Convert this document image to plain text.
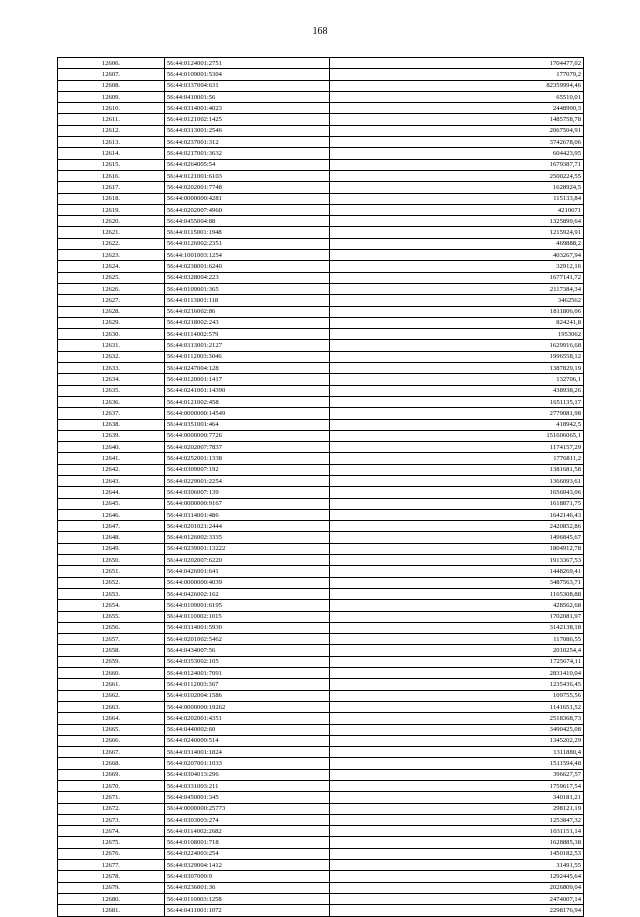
168
12606.	56:44:0124001:2751	1704477,02
12607.	56:44:0109001:5304	177079,2
12608.	56:44:0337004:631	82359994,46
12609.	56:44:0410001:56	65510,01
12610.	56:44:0314001:4023	2448990,3
12611.	56:44:0121002:1425	1485758,78
12612.	56:44:0313001:2546	2067504,91
12613.	56:44:0237001:312	3742678,06
12614.	56:44:0217001:3632	604423,95
12615.	56:44:0264005:54	1679387,71
12616.	56:44:0121001:6103	2500224,55
12617.	56:44:0202001:7748	1628924,5
12618.	56:44:0000000:4281	115133,84
12619.	56:44:0202007:4960	4210671
12620.	56:44:0455004:88	1325899,64
12621.	56:44:0115001:1948	1215924,91
12622.	56:44:0126002:2351	469888,2
12623.	56:44:1001003:1254	403267,94
12624.	56:44:0238001:6240	32912,16
12625.	56:44:0328004:223	1677141,72
12626.	56:44:0109001:365	2117384,34
12627.	56:44:0113001:118	3462562
12628.	56:44:0216002:86	1811806,06
12629.	56:44:0218002:243	824241,8
12630.	56:44:0114002:579	1953062
12631.	56:44:0313001:2127	1629916,68
12632.	56:44:0112003:3046	1996558,12
12633.	56:44:0247004:128	1387829,19
12634.	56:44:0120001:1417	132706,1
12635.	56:44:0241001:14390	438938,26
12636.	56:44:0121002:458	1651135,17
12637.	56:44:0000000:14549	2779081,98
12638.	56:44:0351001:464	418942,5
12639.	56:44:0000000:7726	151606065,1
12640.	56:44:0202007:7837	1174157,29
12641.	56:44:0252001:1338	1776811,2
12642.	56:44:0309007:192	1381681,58
12643.	56:44:0229001:2254	1366093,61
12644.	56:44:0306007:139	1656043,06
12645.	56:44:0000000:9167	1618871,75
12646.	56:44:0314001:486	1642146,43
12647.	56:44:0201021:2444	2420852,86
12648.	56:44:0126002:3335	1496845,67
12649.	56:44:0239001:13222	1804912,78
12650.	56:44:0202007:6220	1913367,53
12651.	56:44:0426001:641	1448269,41
12652.	56:44:0000000:4039	3487563,71
12653.	56:44:0426002:162	1165308,88
12654.	56:44:0109001:6195	428562,68
12655.	56:44:0110002:1015	1702081,97
12656.	56:44:0314001:5930	3142138,18
12657.	56:44:0201002:5462	117086,55
12658.	56:44:0434007:56	2010254,4
12659.	56:44:0353002:105	1725674,11
12660.	56:44:0124001:7091	2831410,04
12661.	56:44:0112003:367	1235436,45
12662.	56:44:0102004:1586	109755,56
12663.	56:44:0000000:19262	1141651,52
12664.	56:44:0202001:4351	2518368,73
12665.	56:44:0440002:60	3490425,08
12666.	56:44:0240009:514	1345202,29
12667.	56:44:0314001:1824	1311880,4
12668.	56:44:0207001:1033	1511594,48
12669.	56:44:0304013:296	396627,57
12670.	56:44:0331003:211	1759617,54
12671.	56:44:0450001:345	340181,21
12672.	56:44:0000000:25773	298121,19
12673.	56:44:0303003:274	1253847,32
12674.	56:44:0114002:2682	1031151,14
12675.	56:44:0108001:718	1628885,38
12676.	56:44:0224003:254	1450182,53
12677.	56:44:0329004:1412	31491,55
12678.	56:44:0307009:9	1292445,64
12679.	56:44:0236001:36	2026809,04
12680.	56:44:0110003:1258	2474007,14
12681.	56:44:0411001:1072	2298176,94
